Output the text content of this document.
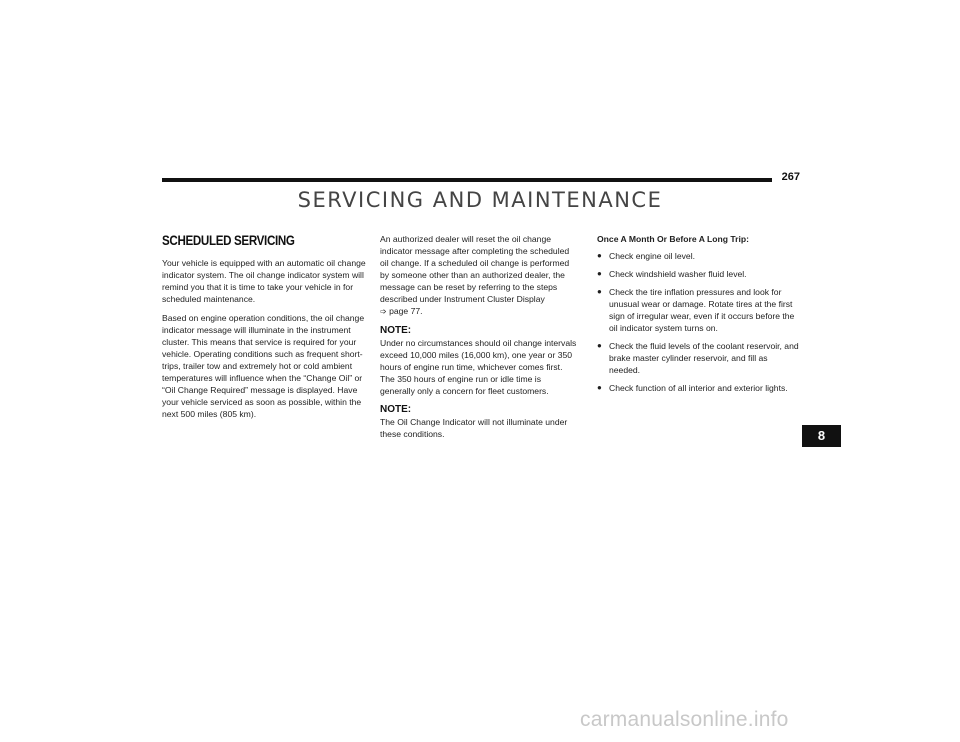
267
SERVICING AND MAINTENANCE
SCHEDULED SERVICING

Your vehicle is equipped with an automatic oil change indicator system. The oil change indicator system will remind you that it is time to take your vehicle in for scheduled maintenance.

Based on engine operation conditions, the oil change indicator message will illuminate in the instrument cluster. This means that service is required for your vehicle. Operating conditions such as frequent short-trips, trailer tow and extremely hot or cold ambient temperatures will influence when the “Change Oil” or “Oil Change Required” message is displayed. Have your vehicle serviced as soon as possible, within the next 500 miles (805 km).

An authorized dealer will reset the oil change indicator message after completing the scheduled oil change. If a scheduled oil change is performed by someone other than an authorized dealer, the message can be reset by referring to the steps described under Instrument Cluster Display
➩ page 77.

NOTE:

Under no circumstances should oil change intervals exceed 10,000 miles (16,000 km), one year or 350 hours of engine run time, whichever comes first. The 350 hours of engine run or idle time is generally only a concern for fleet customers.

NOTE:

The Oil Change Indicator will not illuminate under these conditions.

Once A Month Or Before A Long Trip:
● Check engine oil level.
● Check windshield washer fluid level.
● Check the tire inflation pressures and look for unusual wear or damage. Rotate tires at the first sign of irregular wear, even if it occurs before the oil indicator system turns on.
● Check the fluid levels of the coolant reservoir, and brake master cylinder reservoir, and fill as needed.
● Check function of all interior and exterior lights.
8
carmanualsonline.info
